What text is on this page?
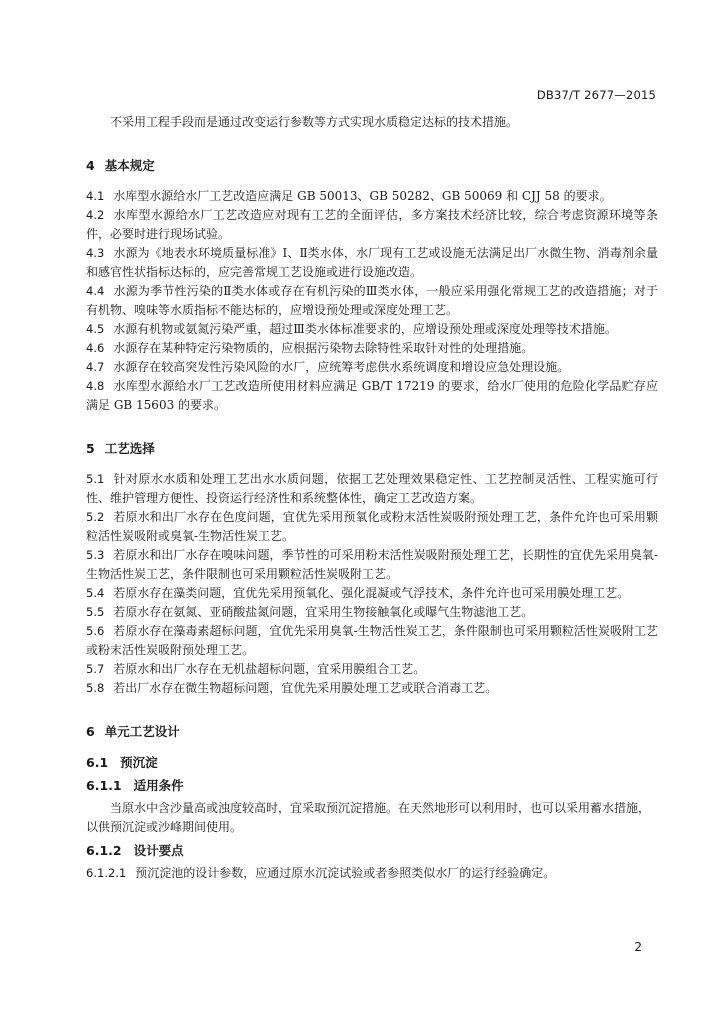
DB37/T 2677—2015

不采用工程手段而是通过改变运行参数等方式实现水质稳定达标的技术措施。

4 基本规定

4.1 水库型水源给水厂工艺改造应满足 GB 50013、GB 50282、GB 50069 和 CJJ 58 的要求。

4.2 水库型水源给水厂工艺改造应对现有工艺的全面评估，多方案技术经济比较，综合考虑资源环境等条件，必要时进行现场试验。

4.3 水源为《地表水环境质量标准》Ⅰ、Ⅱ类水体，水厂现有工艺或设施无法满足出厂水微生物、消毒剂余量和感官性状指标达标的，应完善常规工艺设施或进行设施改造。

4.4 水源为季节性污染的Ⅱ类水体或存在有机污染的Ⅲ类水体，一般应采用强化常规工艺的改造措施；对于有机物、嗅味等水质指标不能达标的，应增设预处理或深度处理工艺。

4.5 水源有机物或氨氮污染严重，超过Ⅲ类水体标准要求的，应增设预处理或深度处理等技术措施。

4.6 水源存在某种特定污染物质的，应根据污染物去除特性采取针对性的处理措施。

4.7 水源存在较高突发性污染风险的水厂，应统筹考虑供水系统调度和增设应急处理设施。

4.8 水库型水源给水厂工艺改造所使用材料应满足 GB/T 17219 的要求，给水厂使用的危险化学品贮存应满足 GB 15603 的要求。

5 工艺选择

5.1 针对原水水质和处理工艺出水水质问题，依据工艺处理效果稳定性、工艺控制灵活性、工程实施可行性、维护管理方便性、投资运行经济性和系统整体性，确定工艺改造方案。

5.2 若原水和出厂水存在色度问题，宜优先采用预氧化或粉末活性炭吸附预处理工艺，条件允许也可采用颗粒活性炭吸附或臭氧-生物活性炭工艺。

5.3 若原水和出厂水存在嗅味问题，季节性的可采用粉末活性炭吸附预处理工艺，长期性的宜优先采用臭氧-生物活性炭工艺，条件限制也可采用颗粒活性炭吸附工艺。

5.4 若原水存在藻类问题，宜优先采用预氧化、强化混凝或气浮技术，条件允许也可采用膜处理工艺。

5.5 若原水存在氨氮、亚硝酸盐氮问题，宜采用生物接触氧化或曝气生物滤池工艺。

5.6 若原水存在藻毒素超标问题，宜优先采用臭氧-生物活性炭工艺，条件限制也可采用颗粒活性炭吸附工艺或粉末活性炭吸附预处理工艺。

5.7 若原水和出厂水存在无机盐超标问题，宜采用膜组合工艺。

5.8 若出厂水存在微生物超标问题，宜优先采用膜处理工艺或联合消毒工艺。

6 单元工艺设计
6.1 预沉淀
6.1.1 适用条件

当原水中含沙量高或浊度较高时，宜采取预沉淀措施。在天然地形可以利用时，也可以采用蓄水措施，以供预沉淀或沙峰期间使用。

6.1.2 设计要点

6.1.2.1 预沉淀池的设计参数，应通过原水沉淀试验或者参照类似水厂的运行经验确定。

2
